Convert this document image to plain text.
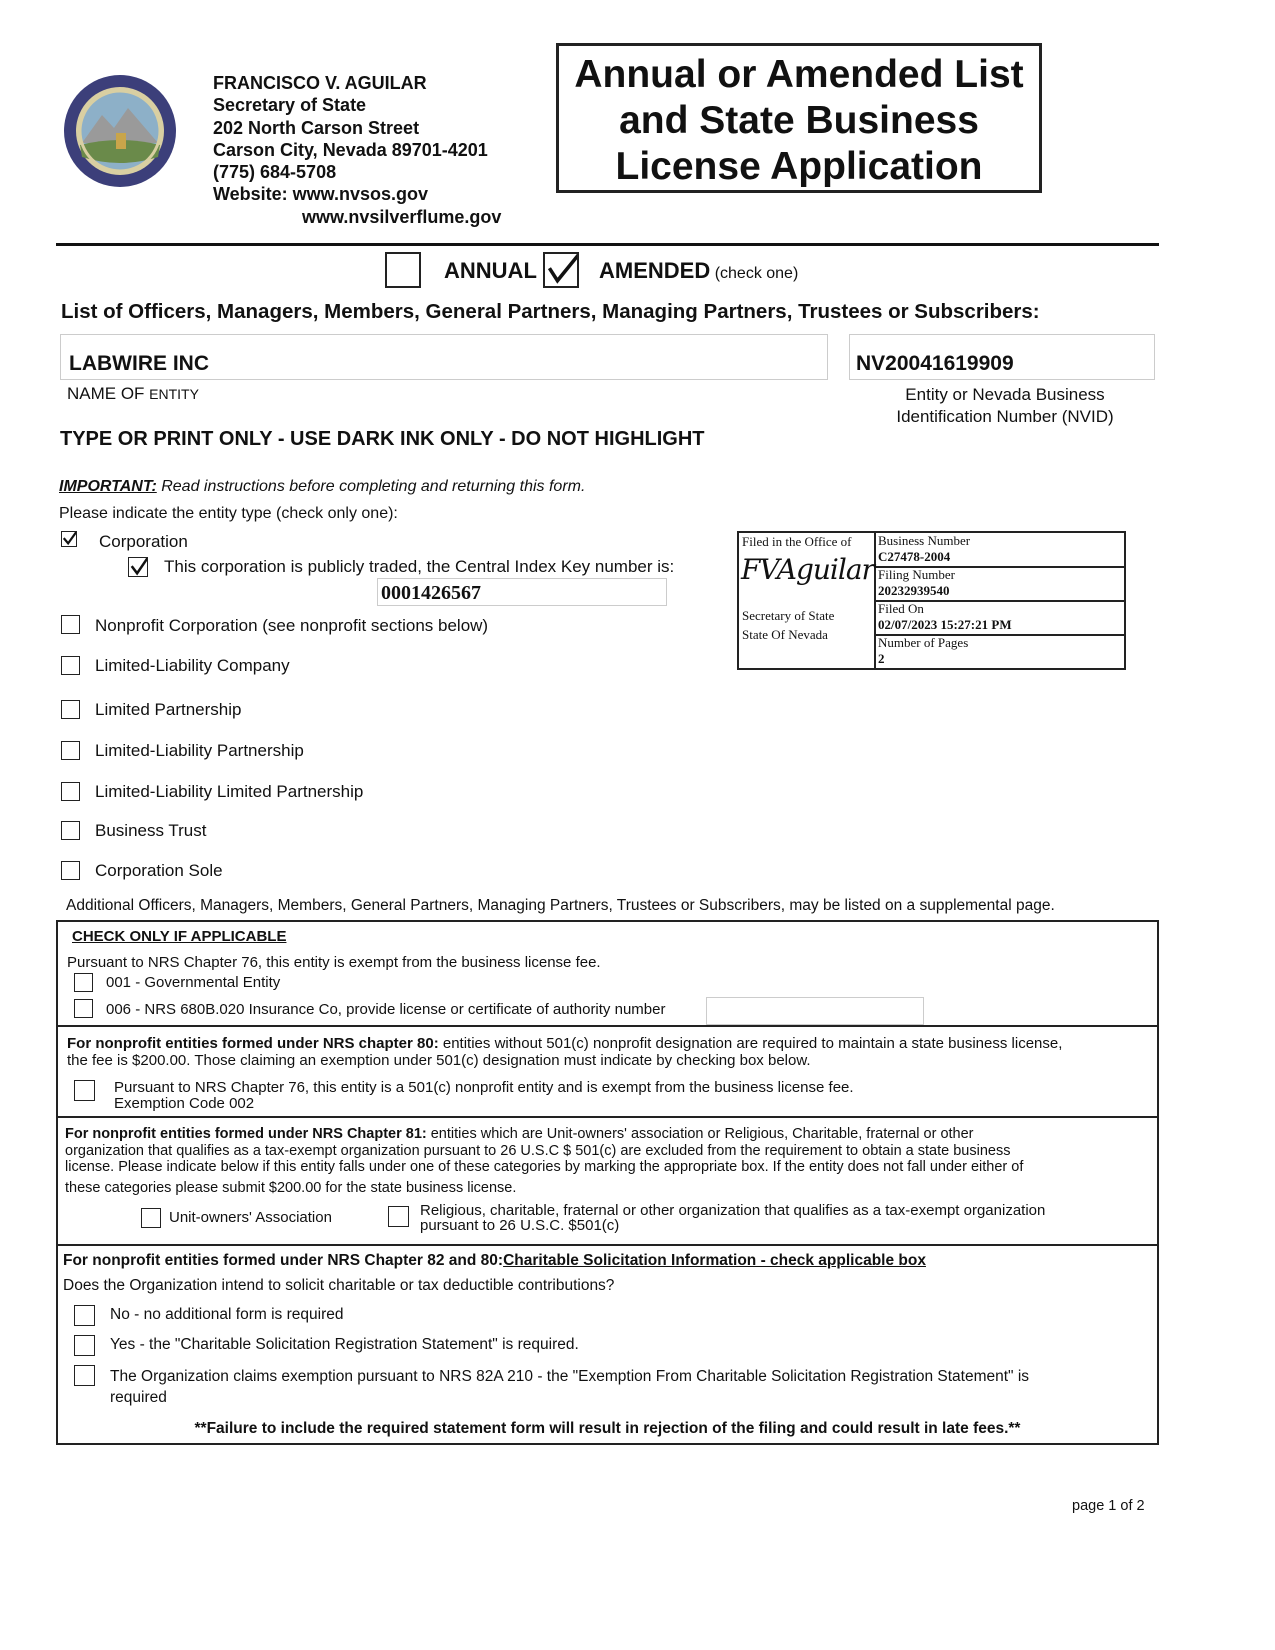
FRANCISCO V. AGUILAR
Secretary of State
202 North Carson Street
Carson City, Nevada 89701-4201
(775) 684-5708
Website: www.nvsos.gov
www.nvsilverflume.gov
Annual or Amended List
and State Business
License Application
ANNUAL	AMENDED (check one)
List of Officers, Managers, Members, General Partners, Managing Partners, Trustees or Subscribers:
LABWIRE INC
NAME OF ENTITY
NV20041619909
Entity or Nevada Business
Identification Number (NVID)
TYPE OR PRINT ONLY - USE DARK INK ONLY - DO NOT HIGHLIGHT
IMPORTANT: Read instructions before completing and returning this form.
Please indicate the entity type (check only one):
Corporation
This corporation is publicly traded, the Central Index Key number is:
0001426567
Nonprofit Corporation (see nonprofit sections below)
Limited-Liability Company
Limited Partnership
Limited-Liability Partnership
Limited-Liability Limited Partnership
Business Trust
Corporation Sole
Filed in the Office of
FVAguilar
Secretary of State
State Of Nevada
Business Number
C27478-2004
Filing Number
20232939540
Filed On
02/07/2023 15:27:21 PM
Number of Pages
2
Additional Officers, Managers, Members, General Partners, Managing Partners, Trustees or Subscribers, may be listed on a supplemental page.
CHECK ONLY IF APPLICABLE
Pursuant to NRS Chapter 76, this entity is exempt from the business license fee.
001 - Governmental Entity
006 - NRS 680B.020 Insurance Co, provide license or certificate of authority number
For nonprofit entities formed under NRS chapter 80: entities without 501(c) nonprofit designation are required to maintain a state business license,
the fee is $200.00. Those claiming an exemption under 501(c) designation must indicate by checking box below.
Pursuant to NRS Chapter 76, this entity is a 501(c) nonprofit entity and is exempt from the business license fee.
Exemption Code 002
For nonprofit entities formed under NRS Chapter 81: entities which are Unit-owners' association or Religious, Charitable, fraternal or other
organization that qualifies as a tax-exempt organization pursuant to 26 U.S.C $ 501(c) are excluded from the requirement to obtain a state business
license. Please indicate below if this entity falls under one of these categories by marking the appropriate box. If the entity does not fall under either of
these categories please submit $200.00 for the state business license.
Unit-owners' Association	Religious, charitable, fraternal or other organization that qualifies as a tax-exempt organization
pursuant to 26 U.S.C. $501(c)
For nonprofit entities formed under NRS Chapter 82 and 80:Charitable Solicitation Information - check applicable box
Does the Organization intend to solicit charitable or tax deductible contributions?
No - no additional form is required
Yes - the "Charitable Solicitation Registration Statement" is required.
The Organization claims exemption pursuant to NRS 82A 210 - the "Exemption From Charitable Solicitation Registration Statement" is
required
**Failure to include the required statement form will result in rejection of the filing and could result in late fees.**
page 1 of 2
